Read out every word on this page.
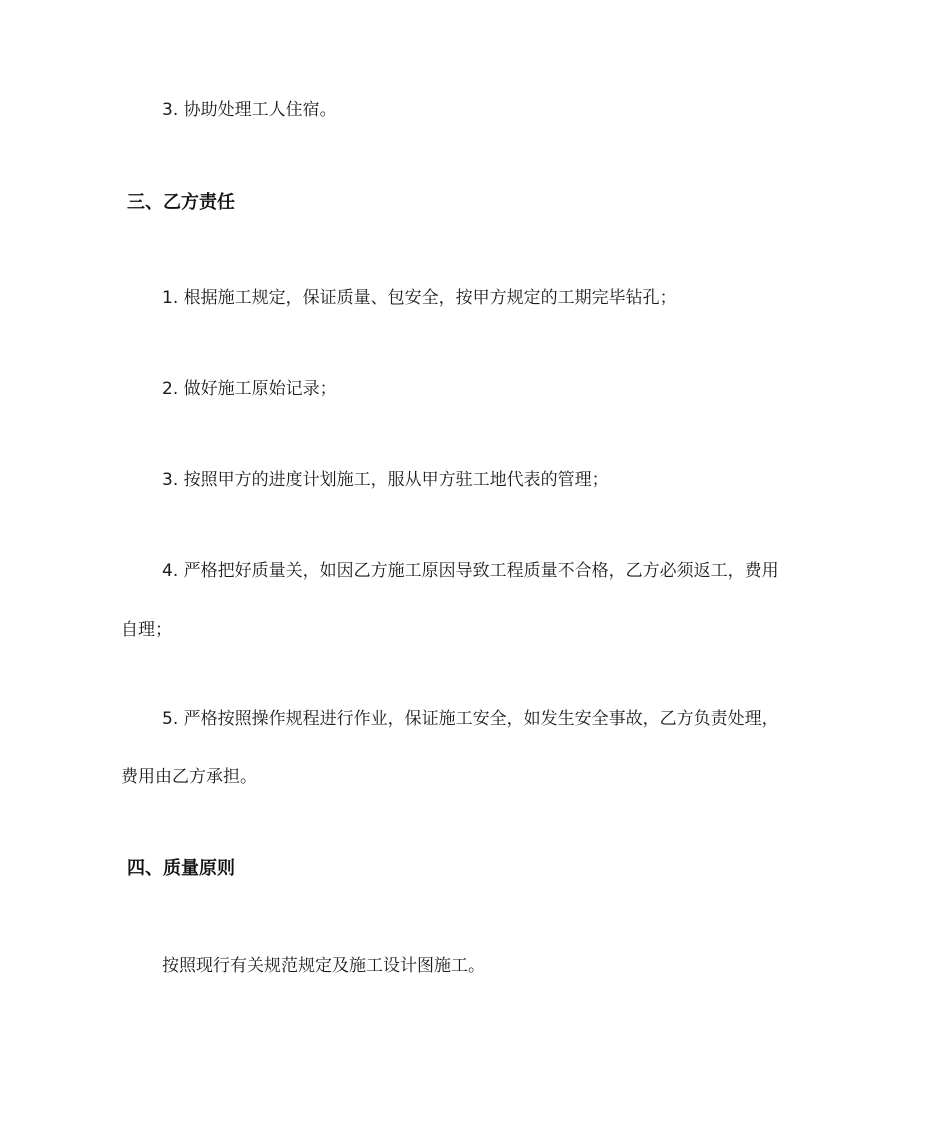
3. 协助处理工人住宿。
三、乙方责任
1. 根据施工规定，保证质量、包安全，按甲方规定的工期完毕钻孔；
2. 做好施工原始记录；
3. 按照甲方的进度计划施工，服从甲方驻工地代表的管理；
4. 严格把好质量关，如因乙方施工原因导致工程质量不合格，乙方必须返工，费用
自理；
5. 严格按照操作规程进行作业，保证施工安全，如发生安全事故，乙方负责处理，
费用由乙方承担。
四、质量原则
按照现行有关规范规定及施工设计图施工。
